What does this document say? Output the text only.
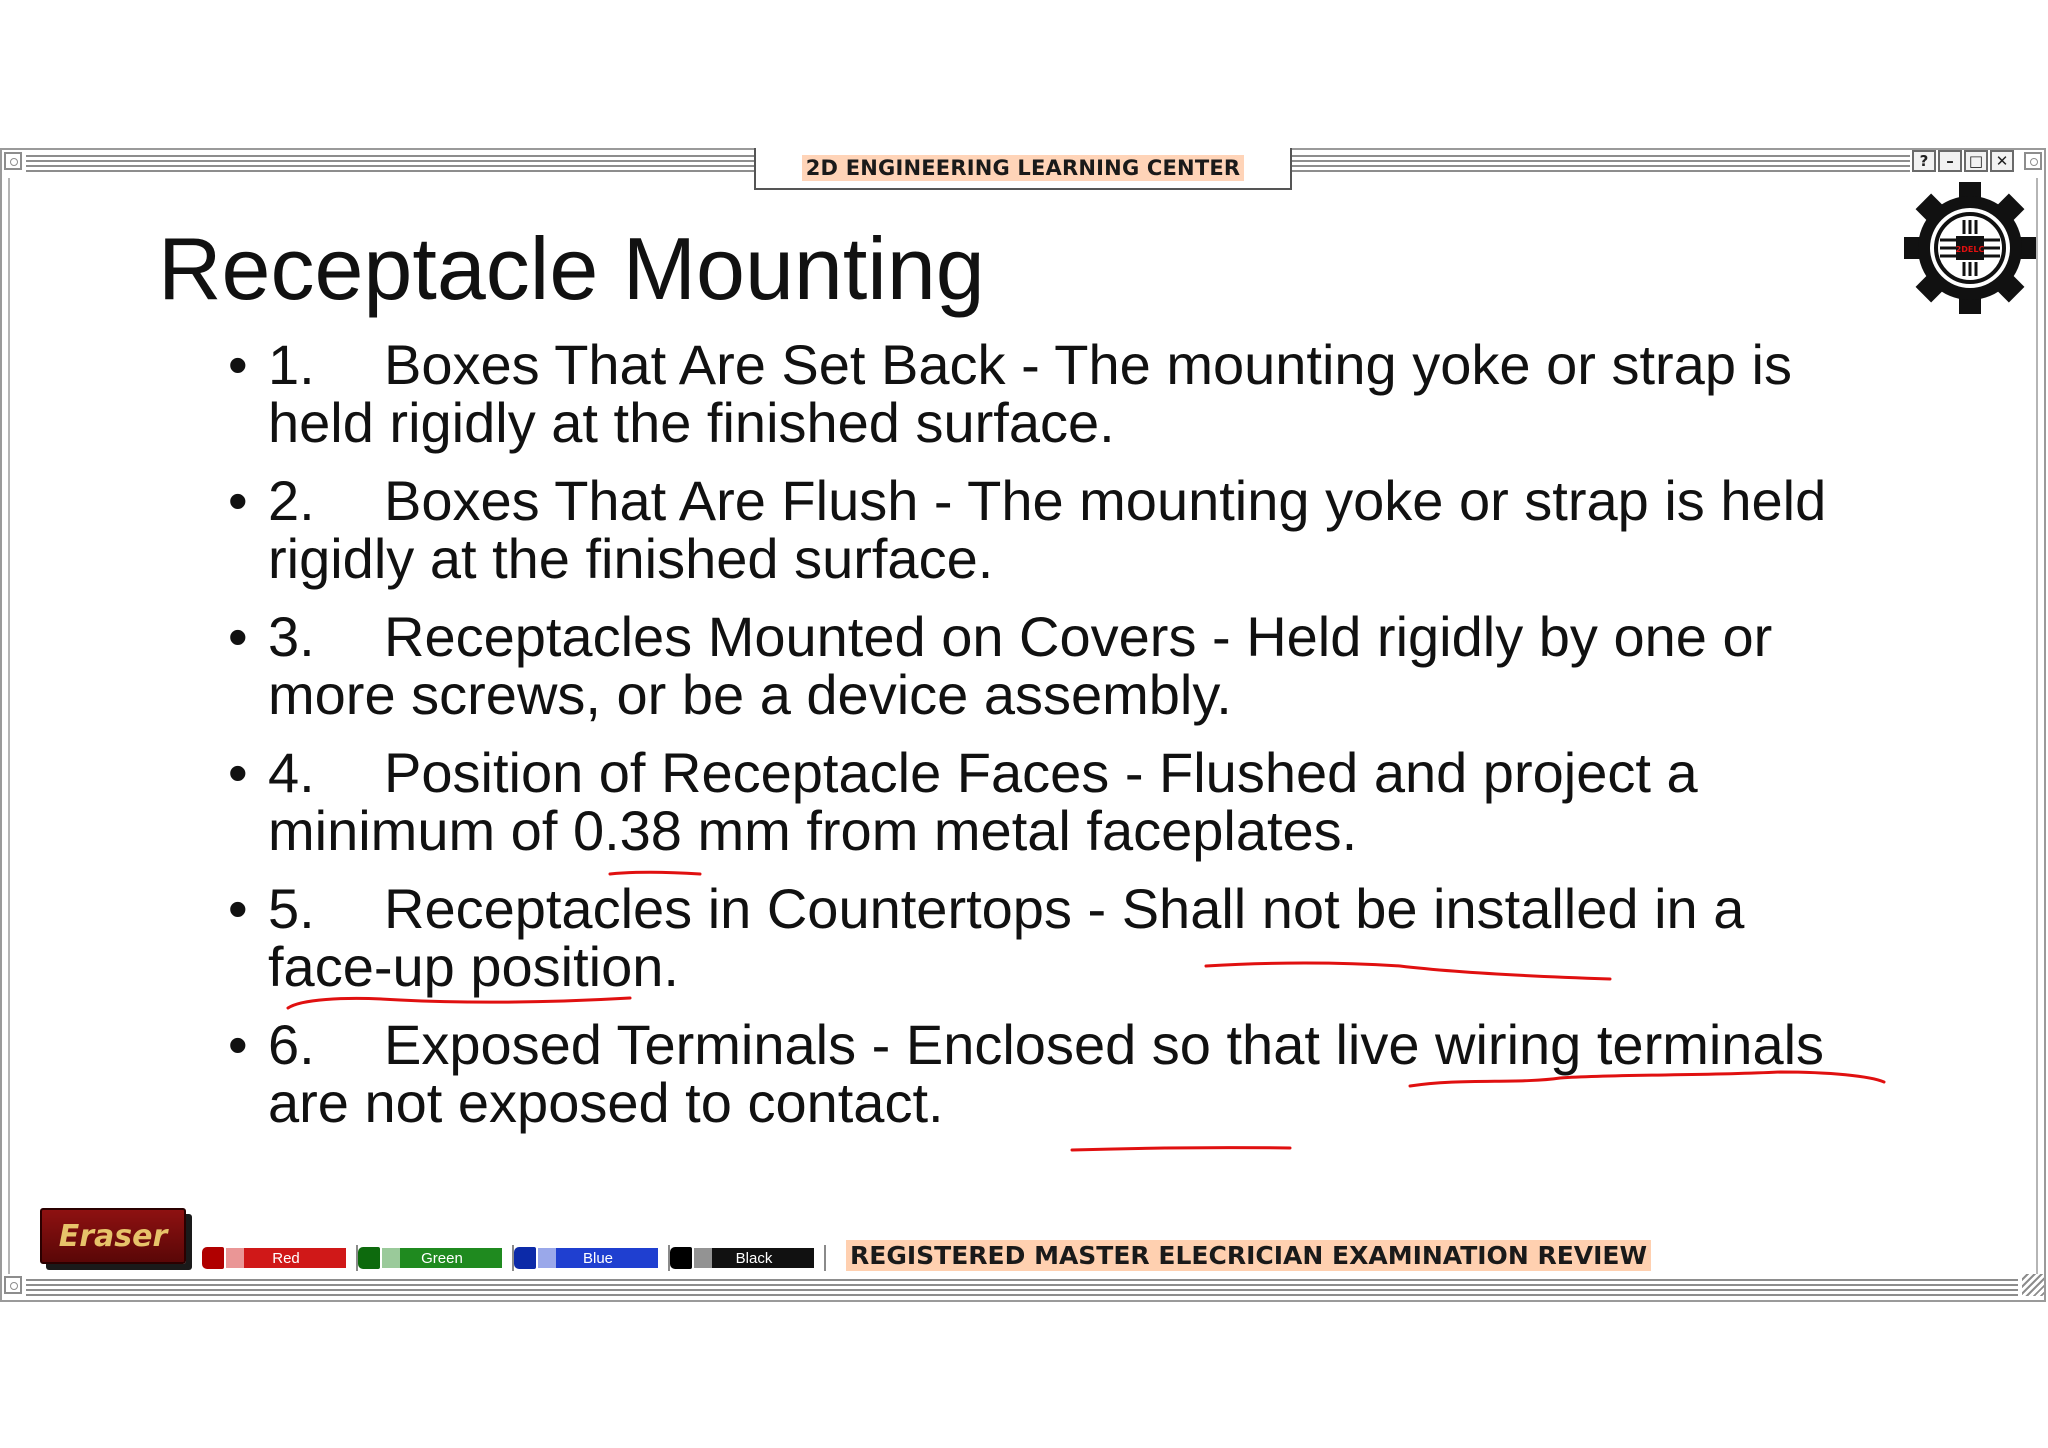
2D ENGINEERING LEARNING CENTER	?	–	□ ✕
2DELC
Receptacle Mounting
• 1. Boxes That Are Set Back - The mounting yoke or strap is
held rigidly at the finished surface.
• 2. Boxes That Are Flush - The mounting yoke or strap is held
rigidly at the finished surface.
• 3. Receptacles Mounted on Covers - Held rigidly by one or
more screws, or be a device assembly.
• 4. Position of Receptacle Faces - Flushed and project a
minimum of 0.38 mm from metal faceplates.
• 5. Receptacles in Countertops - Shall not be installed in a
face-up position.
• 6. Exposed Terminals - Enclosed so that live wiring terminals
are not exposed to contact.
Eraser
Red	Green	Blue	Black	REGISTERED MASTER ELECRICIAN EXAMINATION REVIEW
